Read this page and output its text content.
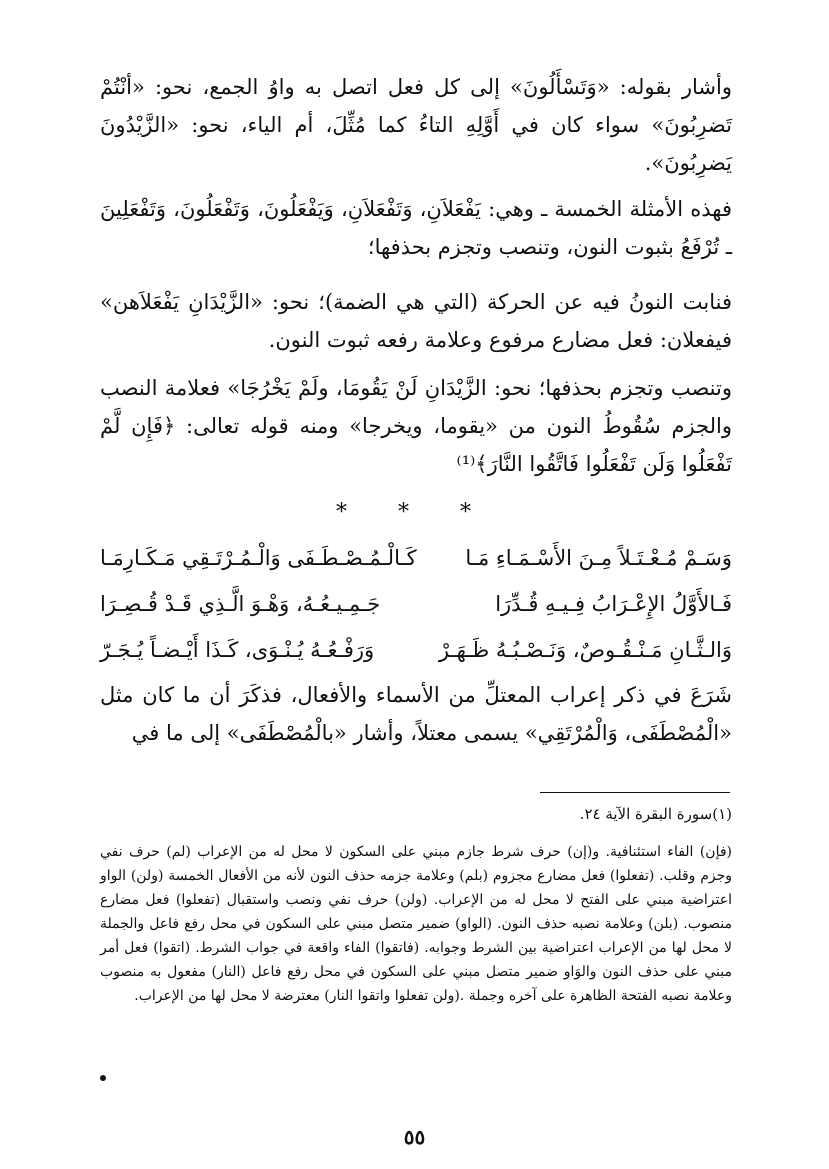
وأشار بقوله: «وَتَسْأَلُونَ» إلى كل فعل اتصل به واوُ الجمع، نحو: «أنْتُمْ تَضرِبُونَ» سواء كان في أَوَّلِهِ التاءُ كما مُثِّلَ، أم الياء، نحو: «الزَّيْدُونَ يَضرِبُونَ».

فهذه الأمثلة الخمسة ـ وهي: يَفْعَلاَنِ، وَتَفْعَلاَنِ، وَيَفْعَلُونَ، وَتَفْعَلُونَ، وَتَفْعَلِينَ ـ تُرْفَعُ بثبوت النون، وتنصب وتجزم بحذفها؛

فنابت النونُ فيه عن الحركة (التي هي الضمة)؛ نحو: «الزَّيْدَانِ يَفْعَلاَهن» فيفعلان: فعل مضارع مرفوع وعلامة رفعه ثبوت النون.

وتنصب وتجزم بحذفها؛ نحو: الزَّيْدَانِ لَنْ يَقُومَا، ولَمْ يَخْرُجَا» فعلامة النصب والجزم سُقُوطُ النون من «يقوما، ويخرجا» ومنه قوله تعالى: ﴿فَإِن لَّمْ تَفْعَلُوا وَلَن تَفْعَلُوا فَاتَّقُوا النَّارَ﴾⁽¹⁾

* * *
وَسَـمْ مُـعْـتَـلاً مِـنَ الأَسْـمَـاءِ مَـا
كَـالْـمُـصْـطَـفَى وَالْـمُـرْتَـقِي مَـكَـارِمَـا
فَـالأَوَّلُ الإِعْـرَابُ فِـيـهِ قُـدِّرَا
جَـمِـيـعُـهُ، وَهْـوَ الَّـذِي قَـدْ قُـصِـرَا
وَالـثَّـانِ مَـنْـقُـوصٌ، وَنَـصْـبُـهُ ظَـهَـرْ
وَرَفْـعُـهُ يُـنْـوَى، كَـذَا أَيْـضـاً يُـجَـرّ

شَرَعَ في ذكر إعراب المعتلِّ من الأسماء والأفعال، فذكَرَ أن ما كان مثل «الْمُصْطَفَى، وَالْمُرْتَقِي» يسمى معتلاً، وأشار «بالْمُصْطَفَى» إلى ما في

(١)سورة البقرة الآية ٢٤.

(فإن) الفاء استئنافية. و(إن) حرف شرط جازم مبني على السكون لا محل له من الإعراب (لم) حرف نفي وجزم وقلب. (تفعلوا) فعل مضارع مجزوم (بلم) وعلامة جزمه حذف النون لأنه من الأفعال الخمسة (ولن) الواو اعتراضية مبني على الفتح لا محل له من الإعراب. (ولن) حرف نفي ونصب واستقبال (تفعلوا) فعل مضارع منصوب. (بلن) وعلامة نصبه حذف النون. (الواو) ضمير متصل مبني على السكون في محل رفع فاعل والجملة لا محل لها من الإعراب اعتراضية بين الشرط وجوابه. (فاتقوا) الفاء واقعة في جواب الشرط. (اتقوا) فعل أمر مبني على حذف النون والوَاو ضمير متصل مبني على السكون في محل رفع فاعل (النار) مفعول به منصوب وعلامة نصبه الفتحة الظاهرة على آخره وجملة .(ولن تفعلوا واتقوا النار) معترضة لا محل لها من الإعراب.

٥٥
